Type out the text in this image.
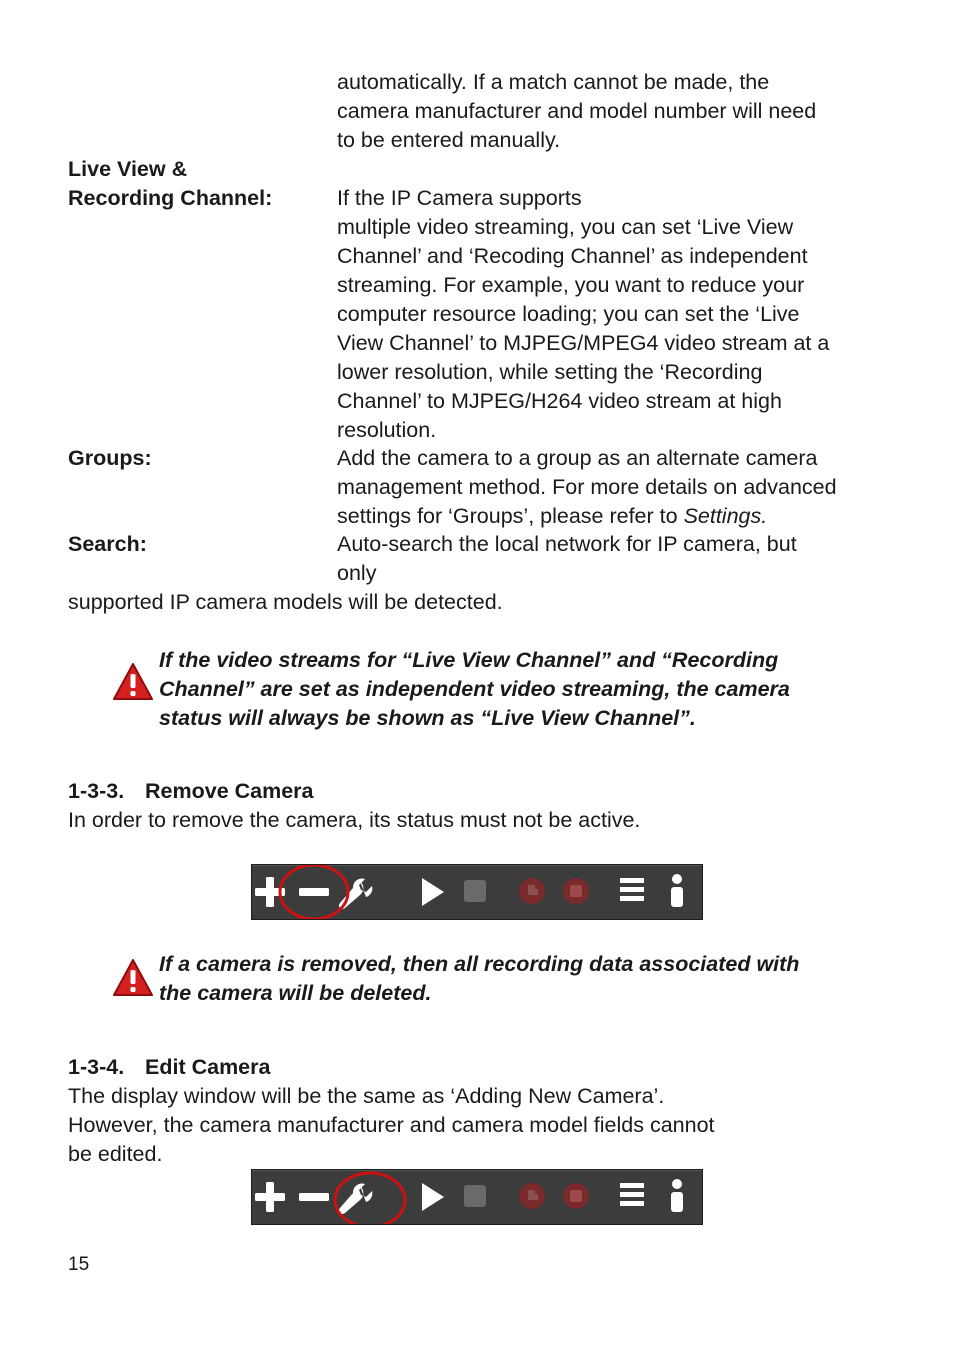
automatically. If a match cannot be made, the
camera manufacturer and model number will need
to be entered manually.
Live View &
Recording Channel:	If the IP Camera supports
multiple video streaming, you can set ‘Live View
Channel’ and ‘Recoding Channel’ as independent
streaming. For example, you want to reduce your
computer resource loading; you can set the ‘Live
View Channel’ to MJPEG/MPEG4 video stream at a
lower resolution, while setting the ‘Recording
Channel’ to MJPEG/H264 video stream at high
resolution.
Groups:	Add the camera to a group as an alternate camera
management method. For more details on advanced
settings for ‘Groups’, please refer to Settings.
Search:	Auto-search the local network for IP camera, but
only
supported IP camera models will be detected.
If the video streams for “Live View Channel” and “Recording
Channel” are set as independent video streaming, the camera
status will always be shown as “Live View Channel”.
1-3-3. Remove Camera
In order to remove the camera, its status must not be active.
If a camera is removed, then all recording data associated with
the camera will be deleted.
1-3-4. Edit Camera
The display window will be the same as ‘Adding New Camera’.
However, the camera manufacturer and camera model fields cannot
be edited.
15
